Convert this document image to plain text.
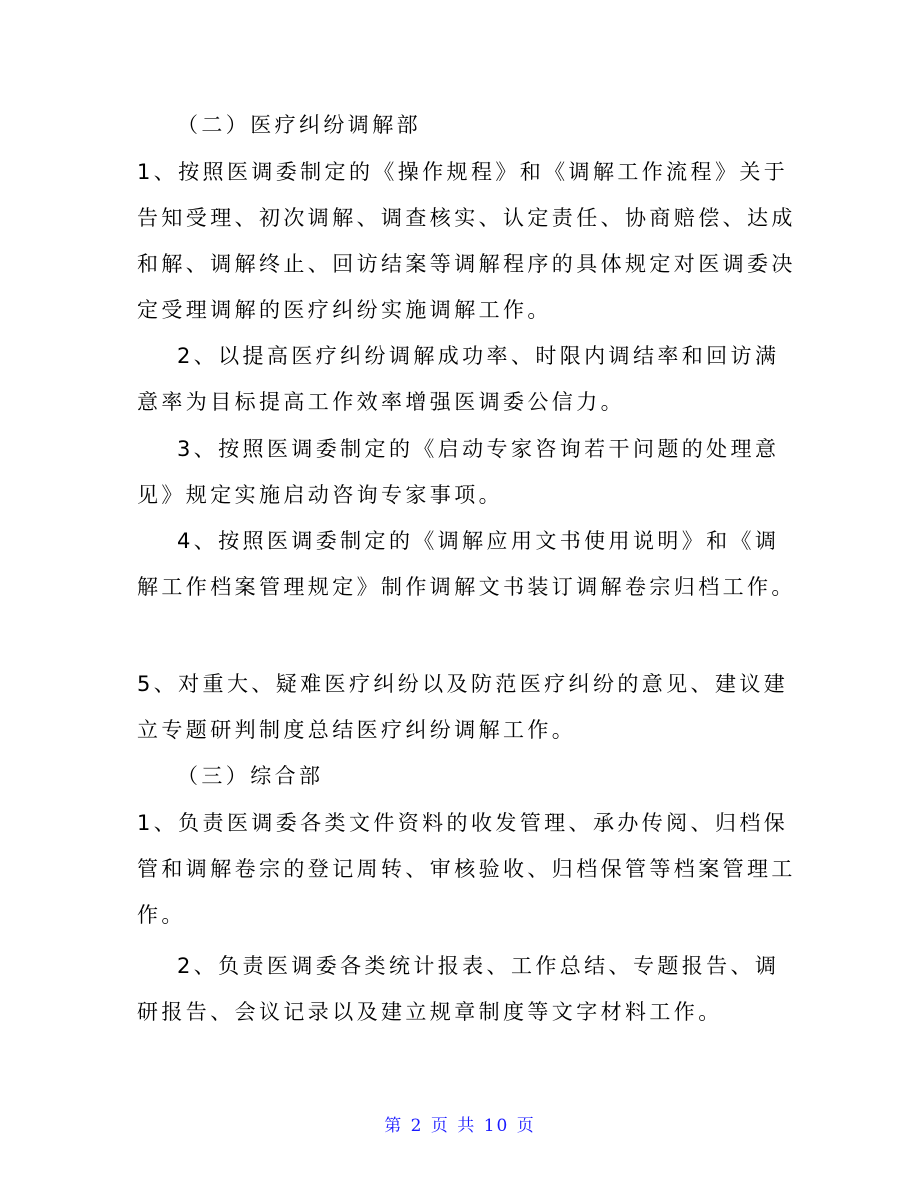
（二）医疗纠纷调解部
1、按照医调委制定的《操作规程》和《调解工作流程》关于
告知受理、初次调解、调查核实、认定责任、协商赔偿、达成
和解、调解终止、回访结案等调解程序的具体规定对医调委决
定受理调解的医疗纠纷实施调解工作。
2、以提高医疗纠纷调解成功率、时限内调结率和回访满
意率为目标提高工作效率增强医调委公信力。
3、按照医调委制定的《启动专家咨询若干问题的处理意
见》规定实施启动咨询专家事项。
4、按照医调委制定的《调解应用文书使用说明》和《调
解工作档案管理规定》制作调解文书装订调解卷宗归档工作。
5、对重大、疑难医疗纠纷以及防范医疗纠纷的意见、建议建
立专题研判制度总结医疗纠纷调解工作。
（三）综合部
1、负责医调委各类文件资料的收发管理、承办传阅、归档保
管和调解卷宗的登记周转、审核验收、归档保管等档案管理工
作。
2、负责医调委各类统计报表、工作总结、专题报告、调
研报告、会议记录以及建立规章制度等文字材料工作。
第 2 页 共 10 页
